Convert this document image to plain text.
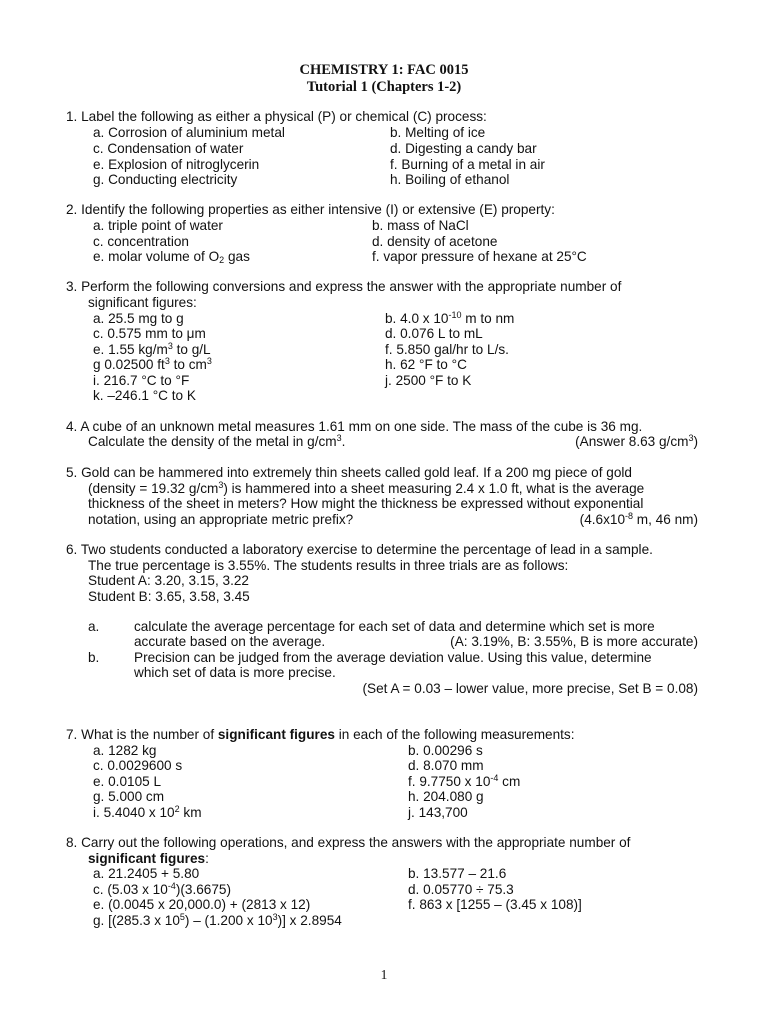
CHEMISTRY 1: FAC 0015
Tutorial 1 (Chapters 1-2)
1. Label the following as either a physical (P) or chemical (C) process:
a. Corrosion of aluminium metal	b. Melting of ice
c. Condensation of water	d. Digesting a candy bar
e. Explosion of nitroglycerin	f. Burning of a metal in air
g. Conducting electricity	h. Boiling of ethanol
2. Identify the following properties as either intensive (I) or extensive (E) property:
a. triple point of water	b. mass of NaCl
c. concentration	d. density of acetone
e. molar volume of $O_2$ gas	f. vapor pressure of hexane at 25°C
3. Perform the following conversions and express the answer with the appropriate number of
significant figures:
a. 25.5 mg to g	b. 4.0 x $10^{-10}$ m to nm
c. 0.575 mm to μm	d. 0.076 L to mL
e. 1.55 $kg/m^3$ to g/L	f. 5.850 gal/hr to L/s.
g 0.02500 $ft^3$ to $cm^3$	h. 62 °F to °C
i. 216.7 °C to °F	j. 2500 °F to K
k. –246.1 °C to K
4. A cube of an unknown metal measures 1.61 mm on one side. The mass of the cube is 36 mg.
Calculate the density of the metal in $g/cm^3$.	(Answer 8.63 $g/cm^3$)
5. Gold can be hammered into extremely thin sheets called gold leaf. If a 200 mg piece of gold
(density = 19.32 $g/cm^3$) is hammered into a sheet measuring 2.4 x 1.0 ft, what is the average
thickness of the sheet in meters? How might the thickness be expressed without exponential
notation, using an appropriate metric prefix?	($4.6x10^{-8}$ m, 46 nm)
6. Two students conducted a laboratory exercise to determine the percentage of lead in a sample.
The true percentage is 3.55%. The students results in three trials are as follows:
Student A: 3.20, 3.15, 3.22
Student B: 3.65, 3.58, 3.45
a.	calculate the average percentage for each set of data and determine which set is more
accurate based on the average.	(A: 3.19%, B: 3.55%, B is more accurate)
b.	Precision can be judged from the average deviation value. Using this value, determine
which set of data is more precise.
(Set A = 0.03 – lower value, more precise, Set B = 0.08)
7. What is the number of significant figures in each of the following measurements:
a. 1282 kg	b. 0.00296 s
c. 0.0029600 s	d. 8.070 mm
e. 0.0105 L	f. 9.7750 x $10^{-4}$ cm
g. 5.000 cm	h. 204.080 g
i. 5.4040 x $10^2$ km	j. 143,700
8. Carry out the following operations, and express the answers with the appropriate number of
significant figures:
a. 21.2405 + 5.80	b. 13.577 – 21.6
c. (5.03 x $10^{-4})(3.6675)$	d. 0.05770 ÷ 75.3
e. (0.0045 x 20,000.0) + (2813 x 12)	f. 863 x [1255 – (3.45 x 108)]
g. [(285.3 x $10^5) - (1.200$ x $10^3$)] x 2.8954
1
